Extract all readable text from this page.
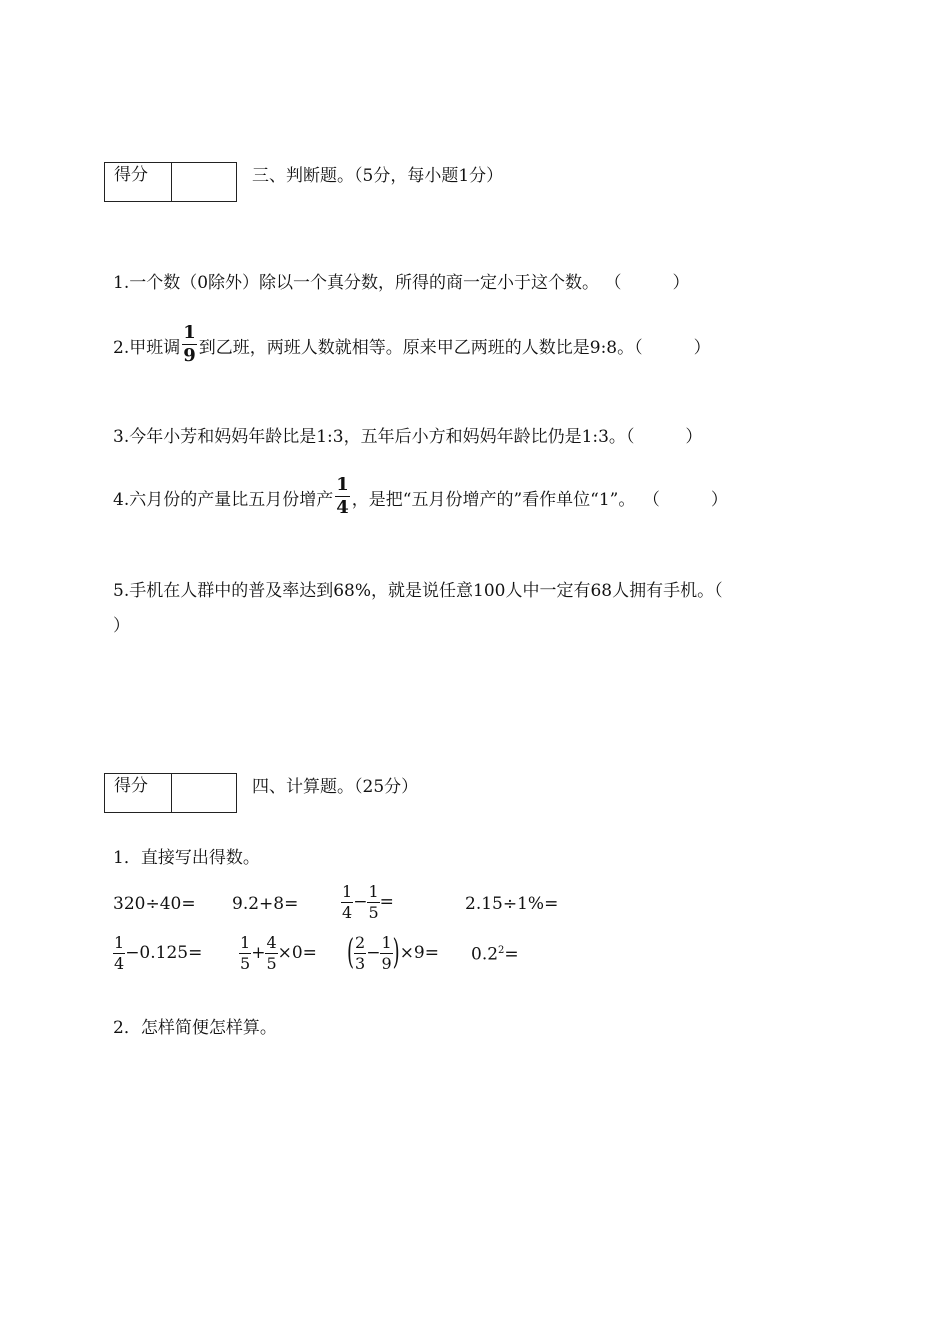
得分	三、判断题。（5分，每小题1分）
1.一个数（0除外）除以一个真分数，所得的商一定小于这个数。 （　　　）
2.甲班调 $\frac{1}{9}$ 到乙班，两班人数就相等。原来甲乙两班的人数比是9:8。（　　　）
3.今年小芳和妈妈年龄比是1:3，五年后小方和妈妈年龄比仍是1:3。（　　　）
4.六月份的产量比五月份增产 $\frac{1}{4}$ ，是把“五月份增产的”看作单位“1”。 （　　　）
5.手机在人群中的普及率达到68%，就是说任意100人中一定有68人拥有手机。（
）
得分	四、计算题。（25分）
1．直接写出得数。
320÷40= 9.2+8=	$\frac{1}{4} - \frac{1}{5}$ =	2.15÷1%=
$\frac{1}{4} -0.125= \frac{1}{5} + \frac{4}{5} \times 0=$ ( $\frac{2}{3} - \frac{1}{9} )\times 9= 0.2^2=$
2．怎样简便怎样算。
